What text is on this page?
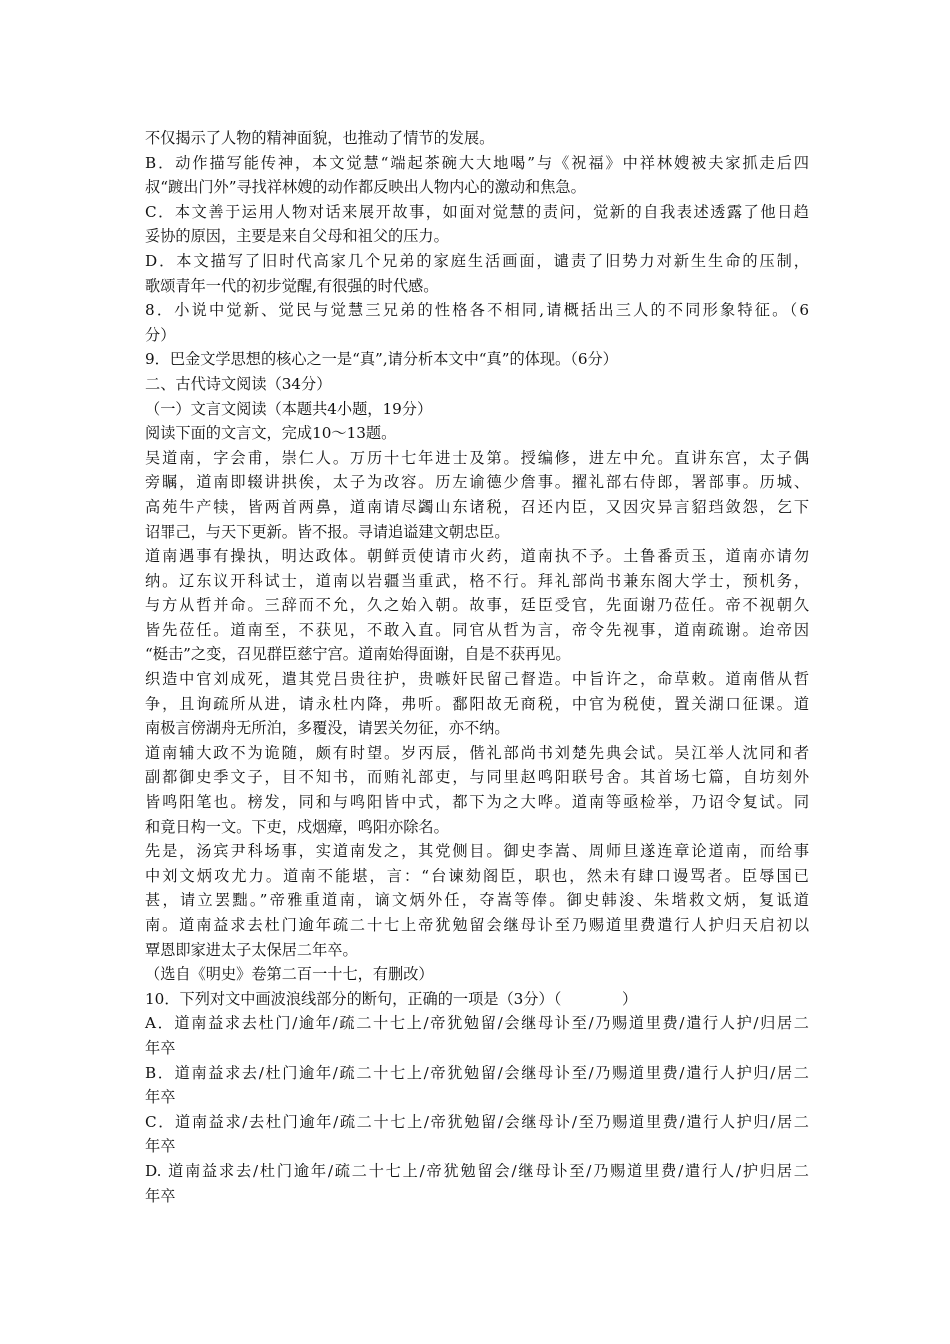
不仅揭示了人物的精神面貌，也推动了情节的发展。
B．动作描写能传神，本文觉慧“端起茶碗大大地喝”与《祝福》中祥林嫂被夫家抓走后四
叔“踱出门外”寻找祥林嫂的动作都反映出人物内心的激动和焦急。
C．本文善于运用人物对话来展开故事，如面对觉慧的责问，觉新的自我表述透露了他日趋
妥协的原因，主要是来自父母和祖父的压力。
D．本文描写了旧时代高家几个兄弟的家庭生活画面，谴责了旧势力对新生生命的压制，
歌颂青年一代的初步觉醒,有很强的时代感。
8．小说中觉新、觉民与觉慧三兄弟的性格各不相同,请概括出三人的不同形象特征。（6
分）
9．巴金文学思想的核心之一是“真”,请分析本文中“真”的体现。（6分）
二、古代诗文阅读（34分）
（一）文言文阅读（本题共4小题，19分）
阅读下面的文言文，完成10～13题。
吴道南，字会甫，崇仁人。万历十七年进士及第。授编修，进左中允。直讲东宫，太子偶
旁瞩，道南即辍讲拱俟，太子为改容。历左谕德少詹事。擢礼部右侍郎，署部事。历城、
高苑牛产犊，皆两首两鼻，道南请尽蠲山东诸税，召还内臣，又因灾异言貂珰敛怨，乞下
诏罪己，与天下更新。皆不报。寻请追谥建文朝忠臣。
道南遇事有操执，明达政体。朝鲜贡使请市火药，道南执不予。土鲁番贡玉，道南亦请勿
纳。辽东议开科试士，道南以岩疆当重武，格不行。拜礼部尚书兼东阁大学士，预机务，
与方从哲并命。三辞而不允，久之始入朝。故事，廷臣受官，先面谢乃莅任。帝不视朝久
皆先莅任。道南至，不获见，不敢入直。同官从哲为言，帝令先视事，道南疏谢。迨帝因
“梃击”之变，召见群臣慈宁宫。道南始得面谢，自是不获再见。
织造中官刘成死，遣其党吕贵往护，贵嗾奸民留己督造。中旨许之，命草敕。道南偕从哲
争，且询疏所从进，请永杜内降，弗听。鄱阳故无商税，中官为税使，置关湖口征课。道
南极言傍湖舟无所泊，多覆没，请罢关勿征，亦不纳。
道南辅大政不为诡随，颇有时望。岁丙辰，偕礼部尚书刘楚先典会试。吴江举人沈同和者
副都御史季文子，目不知书，而贿礼部吏，与同里赵鸣阳联号舍。其首场七篇，自坊刻外
皆鸣阳笔也。榜发，同和与鸣阳皆中式，都下为之大哗。道南等亟检举，乃诏令复试。同
和竟日构一文。下吏，戍烟瘴，鸣阳亦除名。
先是，汤宾尹科场事，实道南发之，其党侧目。御史李嵩、周师旦遂连章论道南，而给事
中刘文炳攻尤力。道南不能堪，言：“台谏劾阁臣，职也，然未有肆口谩骂者。臣辱国已
甚，请立罢黜。”帝雅重道南，谪文炳外任，夺嵩等俸。御史韩浚、朱堦救文炳，复诋道
南。道南益求去杜门逾年疏二十七上帝犹勉留会继母讣至乃赐道里费遣行人护归天启初以
覃恩即家进太子太保居二年卒。
（选自《明史》卷第二百一十七，有删改）
10．下列对文中画波浪线部分的断句，正确的一项是（3分）（　　　　）
A．道南益求去杜门/逾年/疏二十七上/帝犹勉留/会继母讣至/乃赐道里费/遣行人护/归居二
年卒
B．道南益求去/杜门逾年/疏二十七上/帝犹勉留/会继母讣至/乃赐道里费/遣行人护归/居二
年卒
C．道南益求/去杜门逾年/疏二十七上/帝犹勉留/会继母讣/至乃赐道里费/遣行人护归/居二
年卒
D. 道南益求去/杜门逾年/疏二十七上/帝犹勉留会/继母讣至/乃赐道里费/遣行人/护归居二
年卒
